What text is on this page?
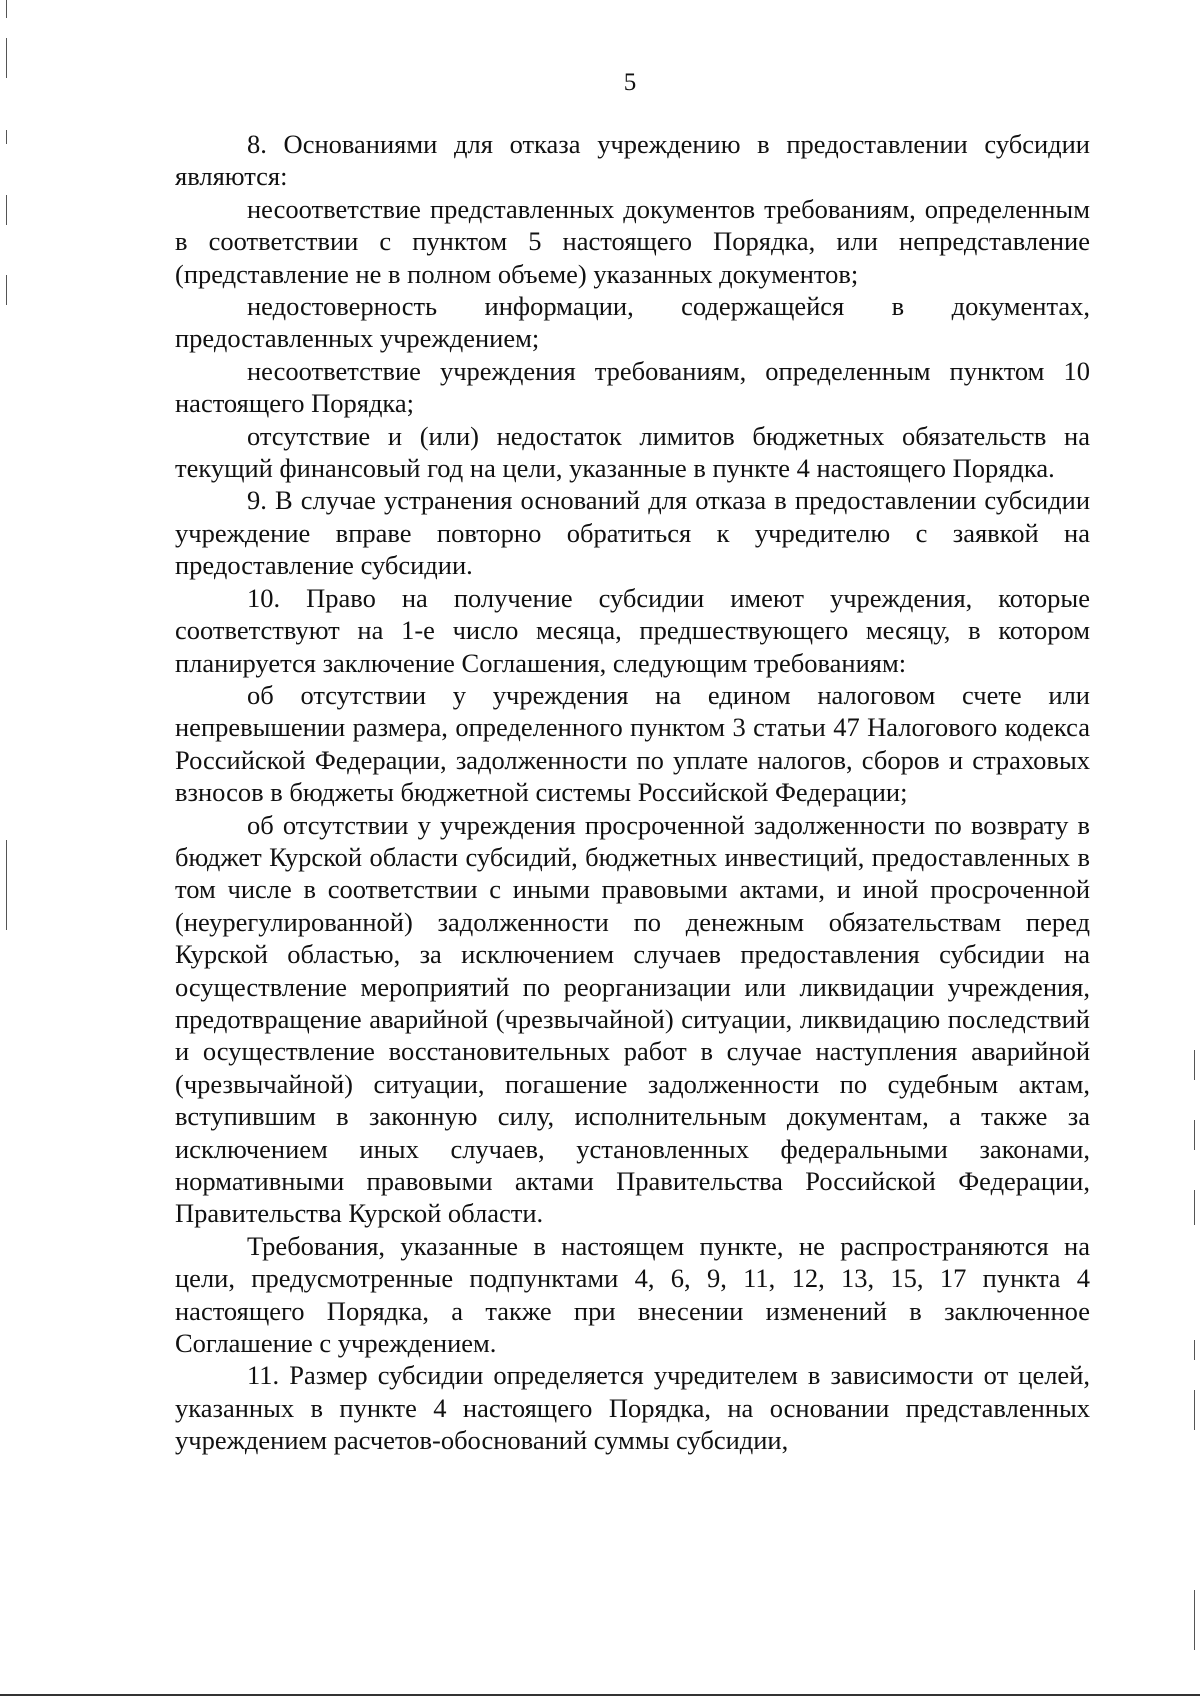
5

8. Основаниями для отказа учреждению в предоставлении субсидии являются:

несоответствие представленных документов требованиям, определенным в соответствии с пунктом 5 настоящего Порядка, или непредставление (представление не в полном объеме) указанных документов;

недостоверность информации, содержащейся в документах, предоставленных учреждением;

несоответствие учреждения требованиям, определенным пунктом 10 настоящего Порядка;

отсутствие и (или) недостаток лимитов бюджетных обязательств на текущий финансовый год на цели, указанные в пункте 4 настоящего Порядка.

9. В случае устранения оснований для отказа в предоставлении субсидии учреждение вправе повторно обратиться к учредителю с заявкой на предоставление субсидии.

10. Право на получение субсидии имеют учреждения, которые соответствуют на 1-е число месяца, предшествующего месяцу, в котором планируется заключение Соглашения, следующим требованиям:

об отсутствии у учреждения на едином налоговом счете или непревышении размера, определенного пунктом 3 статьи 47 Налогового кодекса Российской Федерации, задолженности по уплате налогов, сборов и страховых взносов в бюджеты бюджетной системы Российской Федерации;

об отсутствии у учреждения просроченной задолженности по возврату в бюджет Курской области субсидий, бюджетных инвестиций, предоставленных в том числе в соответствии с иными правовыми актами, и иной просроченной (неурегулированной) задолженности по денежным обязательствам перед Курской областью, за исключением случаев предоставления субсидии на осуществление мероприятий по реорганизации или ликвидации учреждения, предотвращение аварийной (чрезвычайной) ситуации, ликвидацию последствий и осуществление восстановительных работ в случае наступления аварийной (чрезвычайной) ситуации, погашение задолженности по судебным актам, вступившим в законную силу, исполнительным документам, а также за исключением иных случаев, установленных федеральными законами, нормативными правовыми актами Правительства Российской Федерации, Правительства Курской области.

Требования, указанные в настоящем пункте, не распространяются на цели, предусмотренные подпунктами 4, 6, 9, 11, 12, 13, 15, 17 пункта 4 настоящего Порядка, а также при внесении изменений в заключенное Соглашение с учреждением.

11. Размер субсидии определяется учредителем в зависимости от целей, указанных в пункте 4 настоящего Порядка, на основании представленных учреждением расчетов-обоснований суммы субсидии,
